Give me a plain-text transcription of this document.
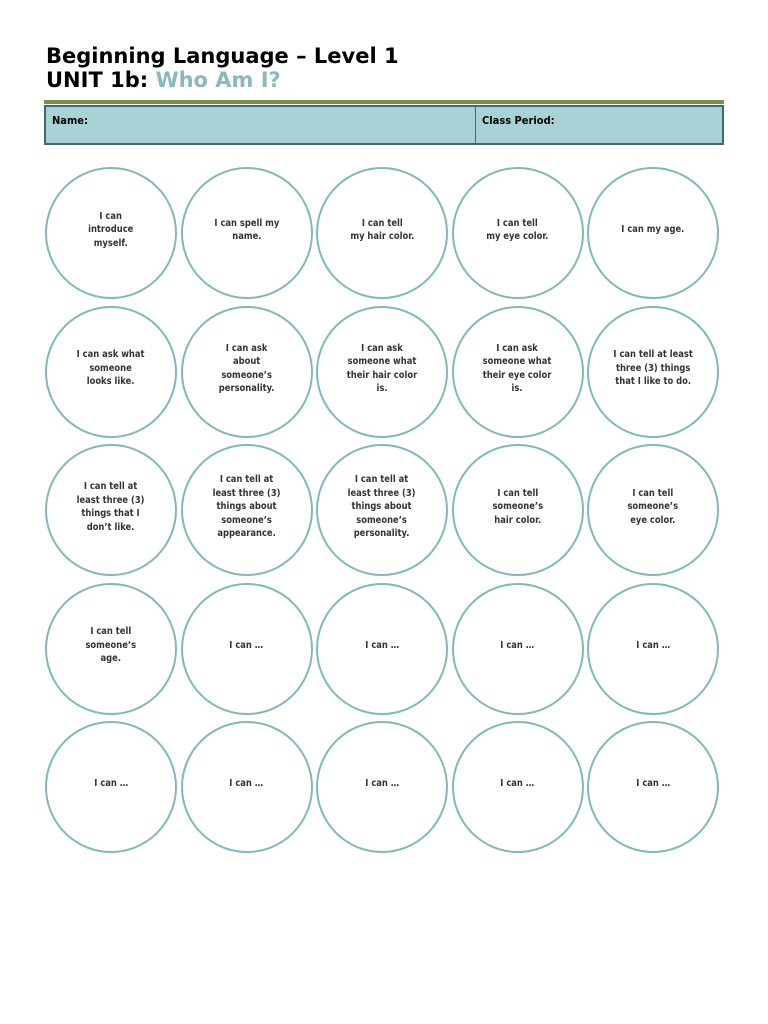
Beginning Language – Level 1
UNIT 1b: Who Am I?
Name:	Class Period:
I can
introduce
myself.
I can spell my
name.
I can tell
my hair color.
I can tell
my eye color.
I can my age.
I can ask what
someone
looks like.
I can ask
about
someone’s
personality.
I can ask
someone what
their hair color
is.
I can ask
someone what
their eye color
is.
I can tell at least
three (3) things
that I like to do.
I can tell at
least three (3)
things that I
don’t like.
I can tell at
least three (3)
things about
someone’s
appearance.
I can tell at
least three (3)
things about
someone’s
personality.
I can tell
someone’s
hair color.
I can tell
someone’s
eye color.
I can tell
someone’s
age.
I can …	I can …	I can …	I can …
I can …	I can …	I can …	I can …	I can …
